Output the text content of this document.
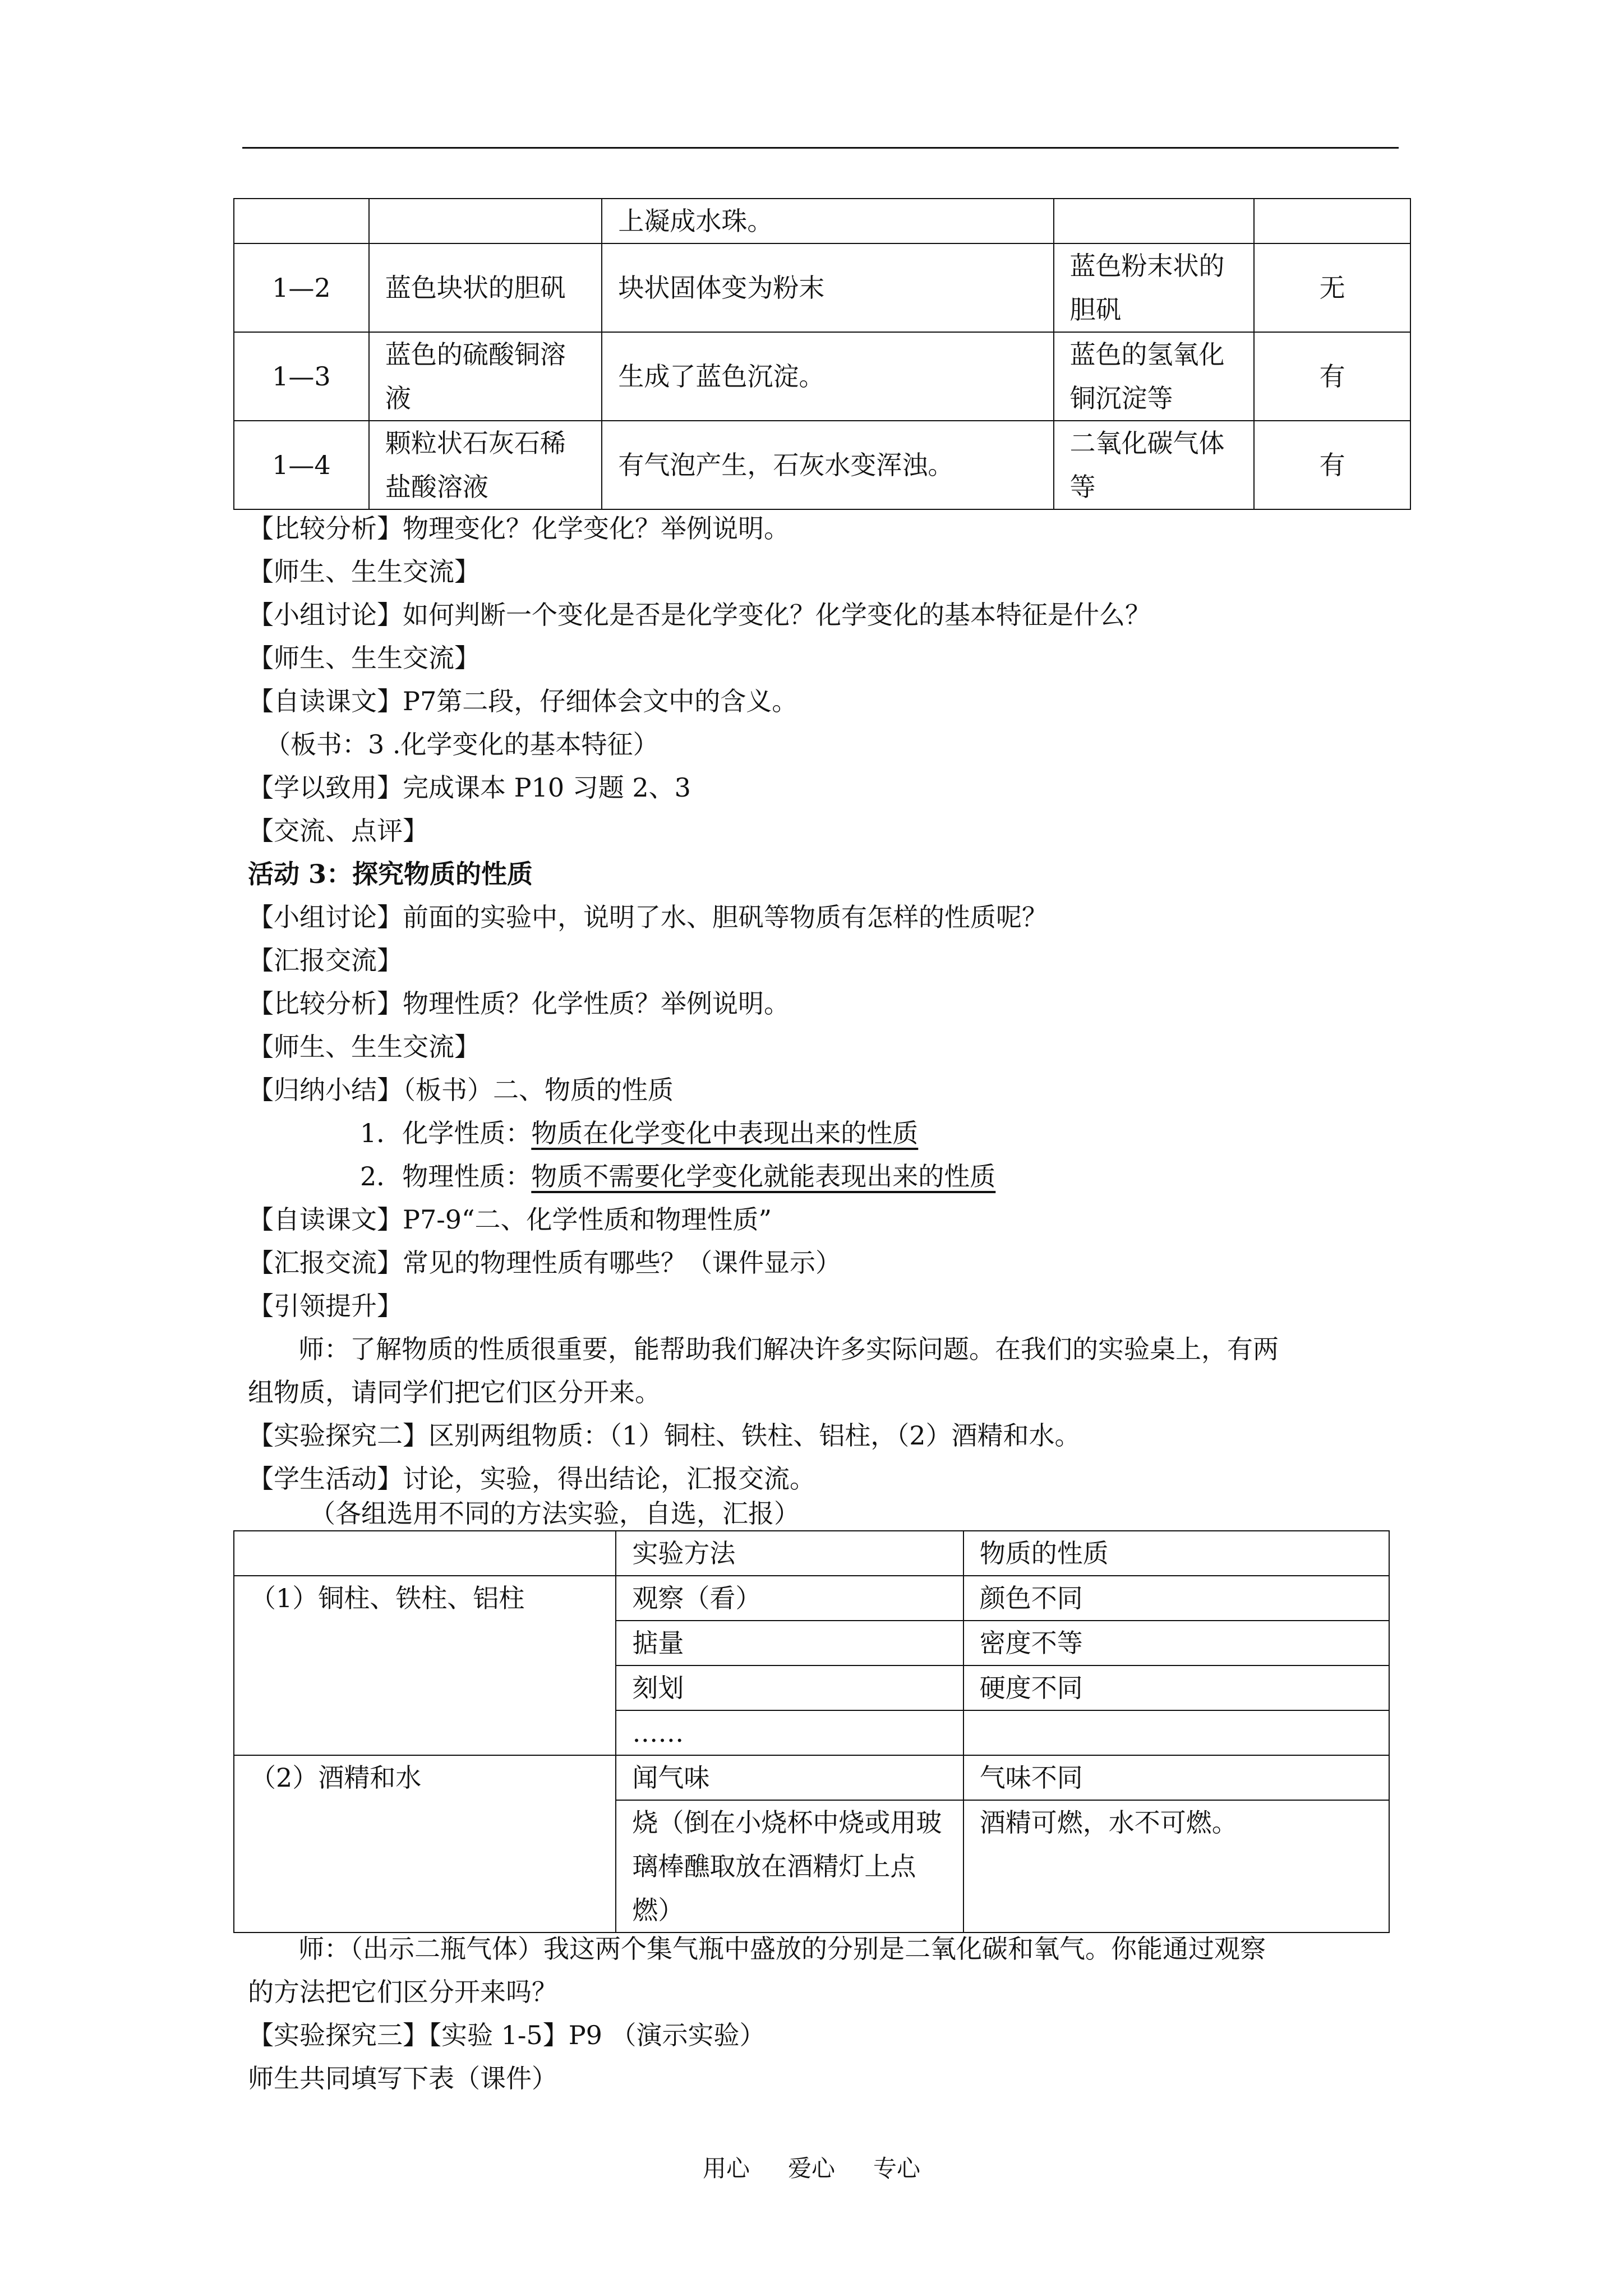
		上凝成水珠。		
1—2	蓝色块状的胆矾	块状固体变为粉末	蓝色粉末状的胆矾	无
1—3	蓝色的硫酸铜溶液	生成了蓝色沉淀。	蓝色的氢氧化铜沉淀等	有
1—4	颗粒状石灰石稀盐酸溶液	有气泡产生，石灰水变浑浊。	二氧化碳气体等	有
【比较分析】物理变化？化学变化？举例说明。
【师生、生生交流】
【小组讨论】如何判断一个变化是否是化学变化？化学变化的基本特征是什么？
【师生、生生交流】
【自读课文】P7第二段，仔细体会文中的含义。
（板书：3 .化学变化的基本特征）
【学以致用】完成课本 P10 习题 2、3
【交流、点评】
活动 3：探究物质的性质
【小组讨论】前面的实验中，说明了水、胆矾等物质有怎样的性质呢？
【汇报交流】
【比较分析】物理性质？化学性质？举例说明。
【师生、生生交流】
【归纳小结】（板书）二、物质的性质
1．化学性质：物质在化学变化中表现出来的性质
2．物理性质：物质不需要化学变化就能表现出来的性质
【自读课文】P7-9“二、化学性质和物理性质”
【汇报交流】常见的物理性质有哪些？（课件显示）
【引领提升】
师：了解物质的性质很重要，能帮助我们解决许多实际问题。在我们的实验桌上，有两
组物质，请同学们把它们区分开来。
【实验探究二】区别两组物质：（1）铜柱、铁柱、铝柱，（2）酒精和水。
【学生活动】讨论，实验，得出结论，汇报交流。
（各组选用不同的方法实验，自选，汇报）
师：（出示二瓶气体）我这两个集气瓶中盛放的分别是二氧化碳和氧气。你能通过观察
的方法把它们区分开来吗？
【实验探究三】【实验 1-5】P9 （演示实验）
师生共同填写下表（课件）
	实验方法	物质的性质
（1）铜柱、铁柱、铝柱	观察（看）	颜色不同
	掂量	密度不等
	刻划	硬度不同
	……	
（2）酒精和水	闻气味	气味不同
	烧（倒在小烧杯中烧或用玻璃棒醮取放在酒精灯上点燃）	酒精可燃，水不可燃。
用心 爱心 专心
